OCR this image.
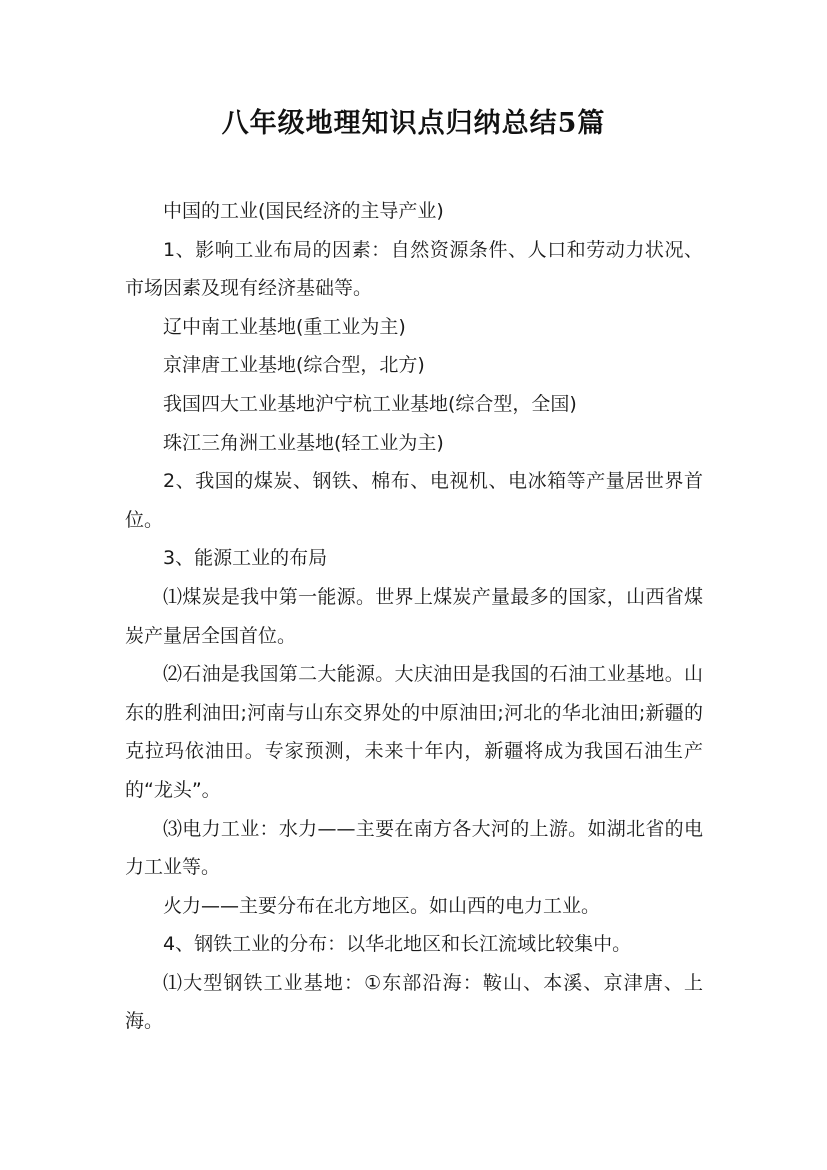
八年级地理知识点归纳总结5篇

中国的工业(国民经济的主导产业)

1、影响工业布局的因素：自然资源条件、人口和劳动力状况、市场因素及现有经济基础等。

辽中南工业基地(重工业为主)

京津唐工业基地(综合型，北方)

我国四大工业基地沪宁杭工业基地(综合型，全国)

珠江三角洲工业基地(轻工业为主)

2、我国的煤炭、钢铁、棉布、电视机、电冰箱等产量居世界首位。

3、能源工业的布局

⑴煤炭是我中第一能源。世界上煤炭产量最多的国家，山西省煤炭产量居全国首位。

⑵石油是我国第二大能源。大庆油田是我国的石油工业基地。山东的胜利油田;河南与山东交界处的中原油田;河北的华北油田;新疆的克拉玛依油田。专家预测，未来十年内，新疆将成为我国石油生产的“龙头”。

⑶电力工业：水力——主要在南方各大河的上游。如湖北省的电力工业等。

火力——主要分布在北方地区。如山西的电力工业。

4、钢铁工业的分布：以华北地区和长江流域比较集中。

⑴大型钢铁工业基地：①东部沿海：鞍山、本溪、京津唐、上海。
